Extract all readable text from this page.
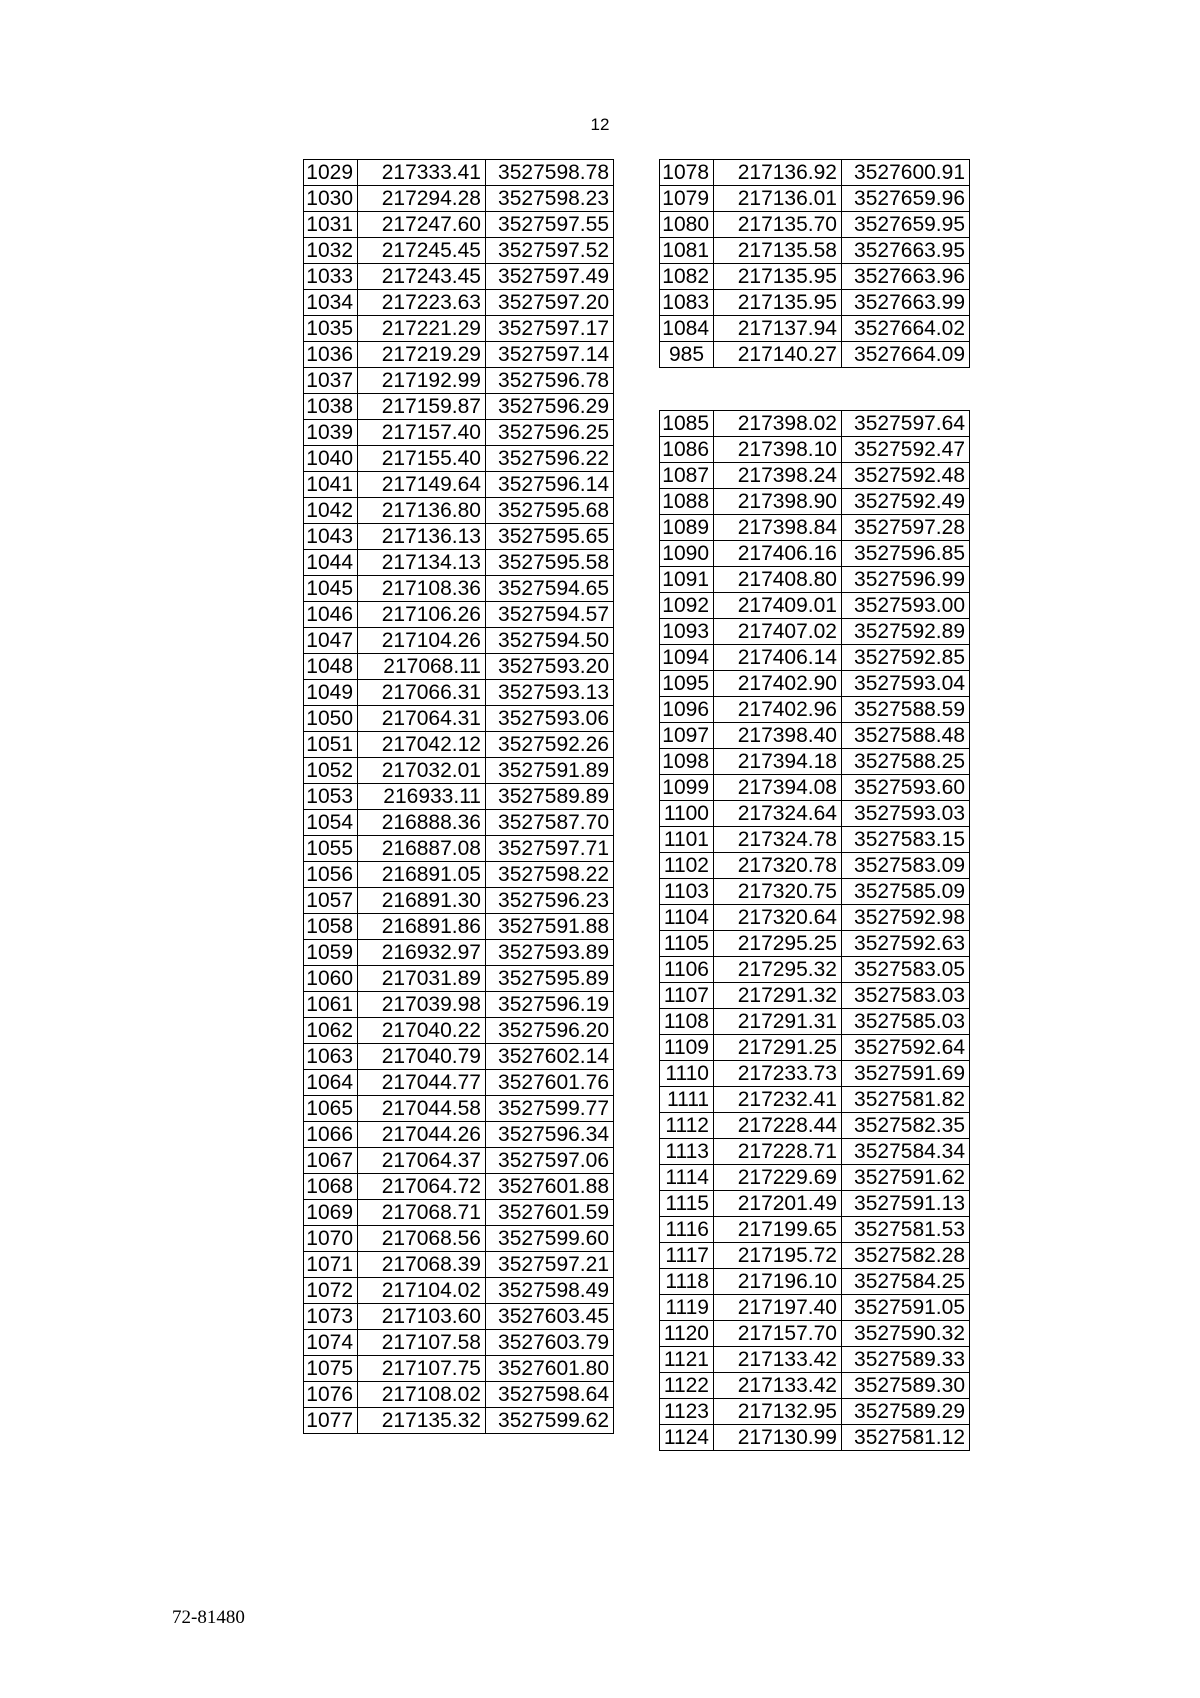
12
1029	217333.41	3527598.78
1030	217294.28	3527598.23
1031	217247.60	3527597.55
1032	217245.45	3527597.52
1033	217243.45	3527597.49
1034	217223.63	3527597.20
1035	217221.29	3527597.17
1036	217219.29	3527597.14
1037	217192.99	3527596.78
1038	217159.87	3527596.29
1039	217157.40	3527596.25
1040	217155.40	3527596.22
1041	217149.64	3527596.14
1042	217136.80	3527595.68
1043	217136.13	3527595.65
1044	217134.13	3527595.58
1045	217108.36	3527594.65
1046	217106.26	3527594.57
1047	217104.26	3527594.50
1048	217068.11	3527593.20
1049	217066.31	3527593.13
1050	217064.31	3527593.06
1051	217042.12	3527592.26
1052	217032.01	3527591.89
1053	216933.11	3527589.89
1054	216888.36	3527587.70
1055	216887.08	3527597.71
1056	216891.05	3527598.22
1057	216891.30	3527596.23
1058	216891.86	3527591.88
1059	216932.97	3527593.89
1060	217031.89	3527595.89
1061	217039.98	3527596.19
1062	217040.22	3527596.20
1063	217040.79	3527602.14
1064	217044.77	3527601.76
1065	217044.58	3527599.77
1066	217044.26	3527596.34
1067	217064.37	3527597.06
1068	217064.72	3527601.88
1069	217068.71	3527601.59
1070	217068.56	3527599.60
1071	217068.39	3527597.21
1072	217104.02	3527598.49
1073	217103.60	3527603.45
1074	217107.58	3527603.79
1075	217107.75	3527601.80
1076	217108.02	3527598.64
1077	217135.32	3527599.62
1078	217136.92	3527600.91
1079	217136.01	3527659.96
1080	217135.70	3527659.95
1081	217135.58	3527663.95
1082	217135.95	3527663.96
1083	217135.95	3527663.99
1084	217137.94	3527664.02
985	217140.27	3527664.09
1085	217398.02	3527597.64
1086	217398.10	3527592.47
1087	217398.24	3527592.48
1088	217398.90	3527592.49
1089	217398.84	3527597.28
1090	217406.16	3527596.85
1091	217408.80	3527596.99
1092	217409.01	3527593.00
1093	217407.02	3527592.89
1094	217406.14	3527592.85
1095	217402.90	3527593.04
1096	217402.96	3527588.59
1097	217398.40	3527588.48
1098	217394.18	3527588.25
1099	217394.08	3527593.60
1100	217324.64	3527593.03
1101	217324.78	3527583.15
1102	217320.78	3527583.09
1103	217320.75	3527585.09
1104	217320.64	3527592.98
1105	217295.25	3527592.63
1106	217295.32	3527583.05
1107	217291.32	3527583.03
1108	217291.31	3527585.03
1109	217291.25	3527592.64
1110	217233.73	3527591.69
1111	217232.41	3527581.82
1112	217228.44	3527582.35
1113	217228.71	3527584.34
1114	217229.69	3527591.62
1115	217201.49	3527591.13
1116	217199.65	3527581.53
1117	217195.72	3527582.28
1118	217196.10	3527584.25
1119	217197.40	3527591.05
1120	217157.70	3527590.32
1121	217133.42	3527589.33
1122	217133.42	3527589.30
1123	217132.95	3527589.29
1124	217130.99	3527581.12
72-81480
